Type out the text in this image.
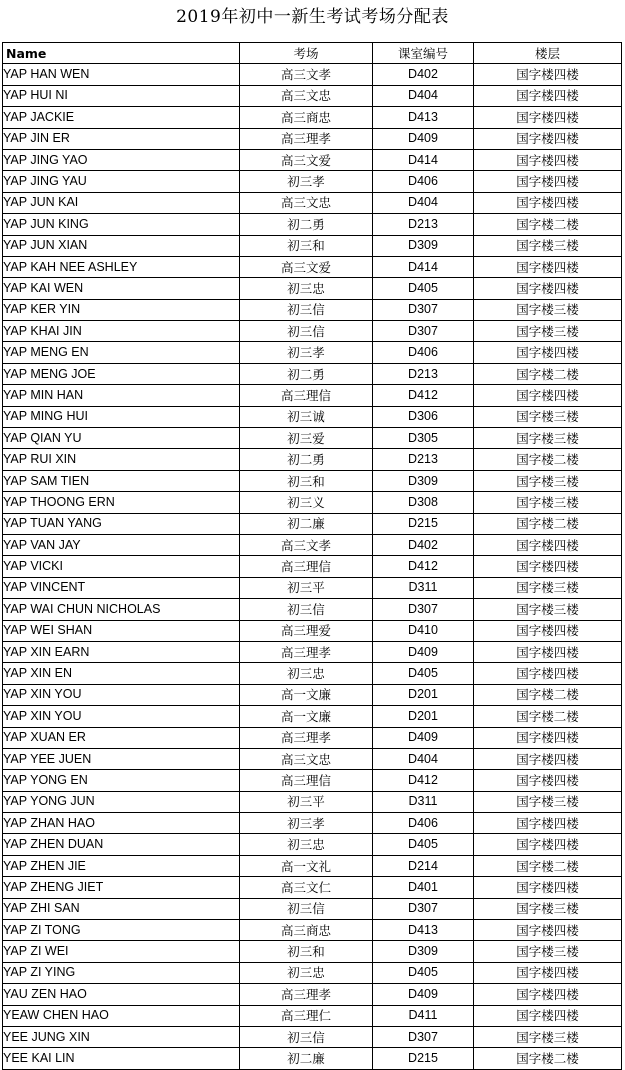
2019年初中一新生考试考场分配表
Name	考场	课室编号	楼层
YAP HAN WEN	高三文孝	D402	国字楼四楼
YAP HUI NI	高三文忠	D404	国字楼四楼
YAP JACKIE	高三商忠	D413	国字楼四楼
YAP JIN ER	高三理孝	D409	国字楼四楼
YAP JING YAO	高三文爱	D414	国字楼四楼
YAP JING YAU	初三孝	D406	国字楼四楼
YAP JUN KAI	高三文忠	D404	国字楼四楼
YAP JUN KING	初二勇	D213	国字楼二楼
YAP JUN XIAN	初三和	D309	国字楼三楼
YAP KAH NEE ASHLEY	高三文爱	D414	国字楼四楼
YAP KAI WEN	初三忠	D405	国字楼四楼
YAP KER YIN	初三信	D307	国字楼三楼
YAP KHAI JIN	初三信	D307	国字楼三楼
YAP MENG EN	初三孝	D406	国字楼四楼
YAP MENG JOE	初二勇	D213	国字楼二楼
YAP MIN HAN	高三理信	D412	国字楼四楼
YAP MING HUI	初三诚	D306	国字楼三楼
YAP QIAN YU	初三爱	D305	国字楼三楼
YAP RUI XIN	初二勇	D213	国字楼二楼
YAP SAM TIEN	初三和	D309	国字楼三楼
YAP THOONG ERN	初三义	D308	国字楼三楼
YAP TUAN YANG	初二廉	D215	国字楼二楼
YAP VAN JAY	高三文孝	D402	国字楼四楼
YAP VICKI	高三理信	D412	国字楼四楼
YAP VINCENT	初三平	D311	国字楼三楼
YAP WAI CHUN NICHOLAS	初三信	D307	国字楼三楼
YAP WEI SHAN	高三理爱	D410	国字楼四楼
YAP XIN EARN	高三理孝	D409	国字楼四楼
YAP XIN EN	初三忠	D405	国字楼四楼
YAP XIN YOU	高一文廉	D201	国字楼二楼
YAP XIN YOU	高一文廉	D201	国字楼二楼
YAP XUAN ER	高三理孝	D409	国字楼四楼
YAP YEE JUEN	高三文忠	D404	国字楼四楼
YAP YONG EN	高三理信	D412	国字楼四楼
YAP YONG JUN	初三平	D311	国字楼三楼
YAP ZHAN HAO	初三孝	D406	国字楼四楼
YAP ZHEN DUAN	初三忠	D405	国字楼四楼
YAP ZHEN JIE	高一文礼	D214	国字楼二楼
YAP ZHENG JIET	高三文仁	D401	国字楼四楼
YAP ZHI SAN	初三信	D307	国字楼三楼
YAP ZI TONG	高三商忠	D413	国字楼四楼
YAP ZI WEI	初三和	D309	国字楼三楼
YAP ZI YING	初三忠	D405	国字楼四楼
YAU ZEN HAO	高三理孝	D409	国字楼四楼
YEAW CHEN HAO	高三理仁	D411	国字楼四楼
YEE JUNG XIN	初三信	D307	国字楼三楼
YEE KAI LIN	初二廉	D215	国字楼二楼
